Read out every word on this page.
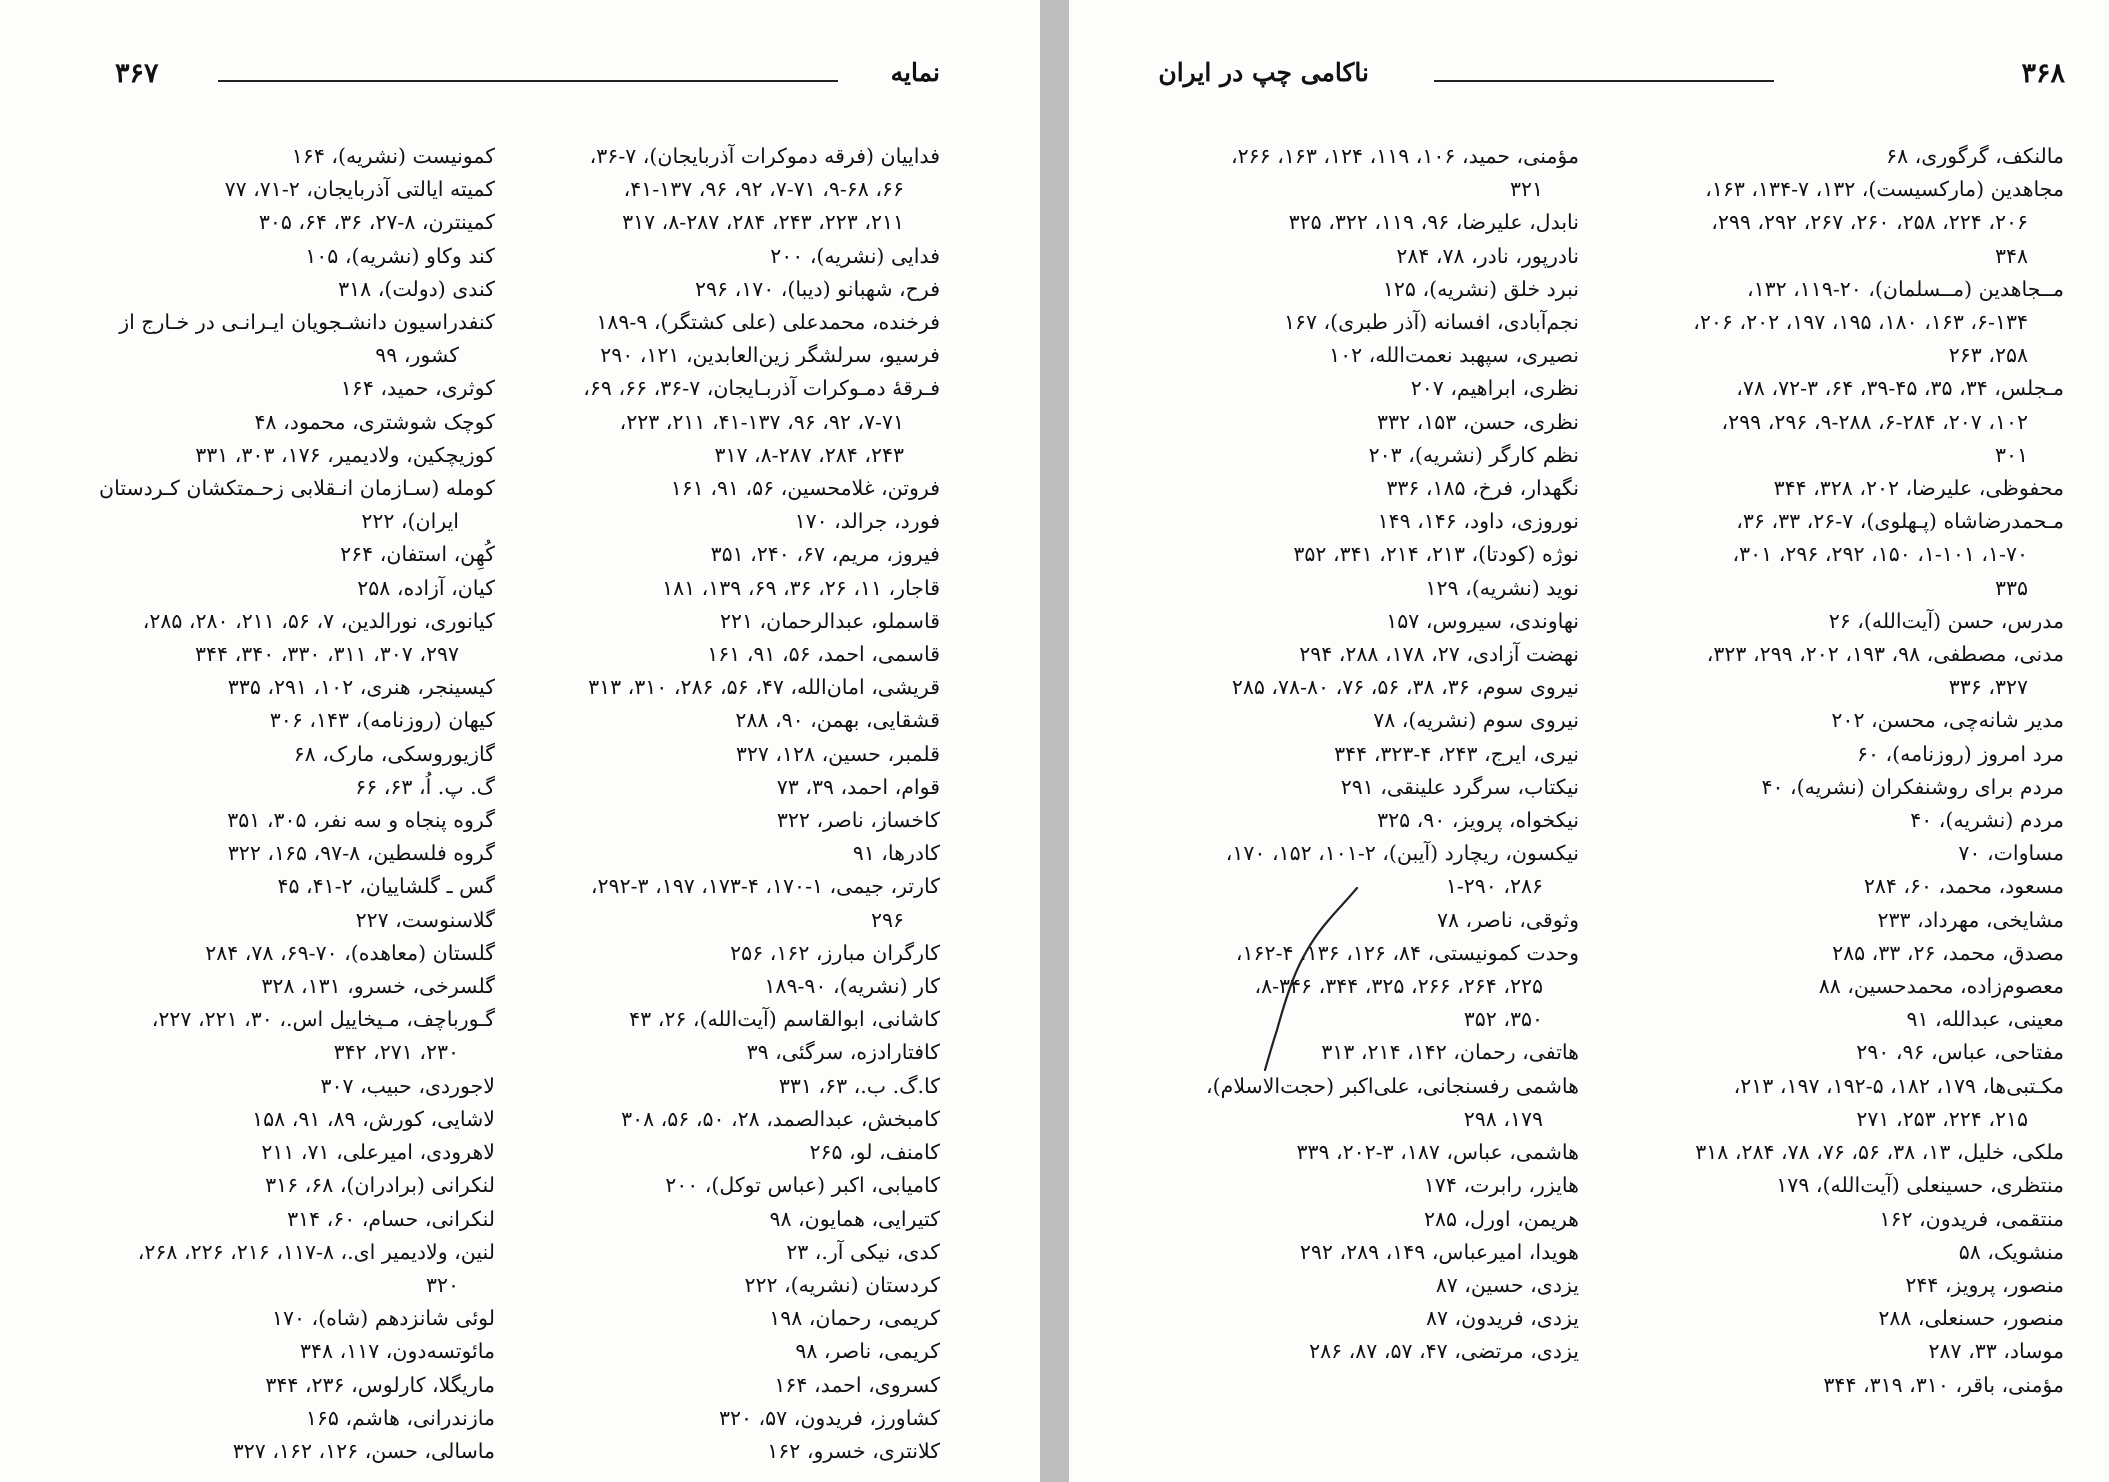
نمایه
۳۶۷
فداییان (فرقه دموکرات آذربایجان)، ۷-۳۶،
۶۶، ۹-۶۸، ۷-۷۱، ۹۲، ۹۶، ۴۱-۱۳۷،
۲۱۱، ۲۲۳، ۲۴۳، ۲۸۴، ۸-۲۸۷، ۳۱۷
فدایی (نشریه)، ۲۰۰
فرح، شهبانو (دیبا)، ۱۷۰، ۲۹۶
فرخنده، محمدعلی (علی کشتگر)، ۹-۱۸۹
فرسیو، سرلشگر زین‌العابدین، ۱۲۱، ۲۹۰
فـرقهٔ دمـوکرات آذربـایجان، ۷-۳۶، ۶۶، ۶۹،
۷-۷۱، ۹۲، ۹۶، ۴۱-۱۳۷، ۲۱۱، ۲۲۳،
۲۴۳، ۲۸۴، ۸-۲۸۷، ۳۱۷
فروتن، غلامحسین، ۵۶، ۹۱، ۱۶۱
فورد، جرالد، ۱۷۰
فیروز، مریم، ۶۷، ۲۴۰، ۳۵۱
قاجار، ۱۱، ۲۶، ۳۶، ۶۹، ۱۳۹، ۱۸۱
قاسملو، عبدالرحمان، ۲۲۱
قاسمی، احمد، ۵۶، ۹۱، ۱۶۱
قریشی، امان‌الله، ۴۷، ۵۶، ۲۸۶، ۳۱۰، ۳۱۳
قشقایی، بهمن، ۹۰، ۲۸۸
قلمبر، حسین، ۱۲۸، ۳۲۷
قوام، احمد، ۳۹، ۷۳
کاخساز، ناصر، ۳۲۲
کادرها، ۹۱
کارتر، جیمی، ۱-۱۷۰، ۴-۱۷۳، ۱۹۷، ۳-۲۹۲،
۲۹۶
کارگران مبارز، ۱۶۲، ۲۵۶
کار (نشریه)، ۹۰-۱۸۹
کاشانی، ابوالقاسم (آیت‌الله)، ۲۶، ۴۳
کافتارادزه، سرگئی، ۳۹
کا.گ. ب.، ۶۳، ۳۳۱
کامبخش، عبدالصمد، ۲۸، ۵۰، ۵۶، ۳۰۸
کامنف، لو، ۲۶۵
کامیابی، اکبر (عباس توکل)، ۲۰۰
کتیرایی، همایون، ۹۸
کدی، نیکی آر.، ۲۳
کردستان (نشریه)، ۲۲۲
کریمی، رحمان، ۱۹۸
کریمی، ناصر، ۹۸
کسروی، احمد، ۱۶۴
کشاورز، فریدون، ۵۷، ۳۲۰
کلانتری، خسرو، ۱۶۲
کمونیست (نشریه)، ۱۶۴
کمیته ایالتی آذربایجان، ۲-۷۱، ۷۷
کمینترن، ۸-۲۷، ۳۶، ۶۴، ۳۰۵
کند وکاو (نشریه)، ۱۰۵
کندی (دولت)، ۳۱۸
کنفدراسیون دانشـجویان ایـرانـی در خـارج از
کشور، ۹۹
کوثری، حمید، ۱۶۴
کوچک شوشتری، محمود، ۴۸
کوزیچکین، ولادیمیر، ۱۷۶، ۳۰۳، ۳۳۱
کومله (سـازمان انـقلابی زحـمتکشان کـردستان
ایران)، ۲۲۲
کُهِن، استفان، ۲۶۴
کیان، آزاده، ۲۵۸
کیانوری، نورالدین، ۷، ۵۶، ۲۱۱، ۲۸۰، ۲۸۵،
۲۹۷، ۳۰۷، ۳۱۱، ۳۳۰، ۳۴۰، ۳۴۴
کیسینجر، هنری، ۱۰۲، ۲۹۱، ۳۳۵
کیهان (روزنامه)، ۱۴۳، ۳۰۶
گازیوروسکی، مارک، ۶۸
گ. پ. اُ، ۶۳، ۶۶
گروه پنجاه و سه نفر، ۳۰۵، ۳۵۱
گروه فلسطین، ۸-۹۷، ۱۶۵، ۳۲۲
گس ـ گلشاییان، ۲-۴۱، ۴۵
گلاسنوست، ۲۲۷
گلستان (معاهده)، ۷۰-۶۹، ۷۸، ۲۸۴
گلسرخی، خسرو، ۱۳۱، ۳۲۸
گـورباچف، مـیخاییل اس.، ۳۰، ۲۲۱، ۲۲۷،
۲۳۰، ۲۷۱، ۳۴۲
لاجوردی، حبیب، ۳۰۷
لاشایی، کورش، ۸۹، ۹۱، ۱۵۸
لاهرودی، امیرعلی، ۷۱، ۲۱۱
لنکرانی (برادران)، ۶۸، ۳۱۶
لنکرانی، حسام، ۶۰، ۳۱۴
لنین، ولادیمیر ای.، ۸-۱۱۷، ۲۱۶، ۲۲۶، ۲۶۸،
۳۲۰
لوئی شانزدهم (شاه)، ۱۷۰
مائوتسه‌دون، ۱۱۷، ۳۴۸
ماریگلا، کارلوس، ۲۳۶، ۳۴۴
مازندرانی، هاشم، ۱۶۵
ماسالی، حسن، ۱۲۶، ۱۶۲، ۳۲۷
۳۶۸
ناکامی چپ در ایران
مالنکف، گرگوری، ۶۸
مجاهدین (مارکسیست)، ۱۳۲، ۷-۱۳۴، ۱۶۳،
۲۰۶، ۲۲۴، ۲۵۸، ۲۶۰، ۲۶۷، ۲۹۲، ۲۹۹،
۳۴۸
مــجاهدین (مــسلمان)، ۲۰-۱۱۹، ۱۳۲،
۶-۱۳۴، ۱۶۳، ۱۸۰، ۱۹۵، ۱۹۷، ۲۰۲، ۲۰۶،
۲۵۸، ۲۶۳
مـجلس، ۳۴، ۳۵، ۴۵-۳۹، ۶۴، ۳-۷۲، ۷۸،
۱۰۲، ۲۰۷، ۶-۲۸۴، ۹-۲۸۸، ۲۹۶، ۲۹۹،
۳۰۱
محفوظی، علیرضا، ۲۰۲، ۳۲۸، ۳۴۴
مـحمدرضاشاه (پـهلوی)، ۷-۲۶، ۳۳، ۳۶،
۱-۷۰، ۱-۱۰۱، ۱۵۰، ۲۹۲، ۲۹۶، ۳۰۱،
۳۳۵
مدرس، حسن (آیت‌الله)، ۲۶
مدنی، مصطفی، ۹۸، ۱۹۳، ۲۰۲، ۲۹۹، ۳۲۳،
۳۲۷، ۳۳۶
مدیر شانه‌چی، محسن، ۲۰۲
مرد امروز (روزنامه)، ۶۰
مردم برای روشنفکران (نشریه)، ۴۰
مردم (نشریه)، ۴۰
مساوات، ۷۰
مسعود، محمد، ۶۰، ۲۸۴
مشایخی، مهرداد، ۲۳۳
مصدق، محمد، ۲۶، ۳۳، ۲۸۵
معصوم‌زاده، محمدحسین، ۸۸
معینی، عبدالله، ۹۱
مفتاحی، عباس، ۹۶، ۲۹۰
مکـتبی‌ها، ۱۷۹، ۱۸۲، ۵-۱۹۲، ۱۹۷، ۲۱۳،
۲۱۵، ۲۲۴، ۲۵۳، ۲۷۱
ملکی، خلیل، ۱۳، ۳۸، ۵۶، ۷۶، ۷۸، ۲۸۴، ۳۱۸
منتظری، حسینعلی (آیت‌الله)، ۱۷۹
منتقمی، فریدون، ۱۶۲
منشویک، ۵۸
منصور، پرویز، ۲۴۴
منصور، حسنعلی، ۲۸۸
موساد، ۳۳، ۲۸۷
مؤمنی، باقر، ۳۱۰، ۳۱۹، ۳۴۴
مؤمنی، حمید، ۱۰۶، ۱۱۹، ۱۲۴، ۱۶۳، ۲۶۶،
۳۲۱
نابدل، علیرضا، ۹۶، ۱۱۹، ۳۲۲، ۳۲۵
نادرپور، نادر، ۷۸، ۲۸۴
نبرد خلق (نشریه)، ۱۲۵
نجم‌آبادی، افسانه (آذر طبری)، ۱۶۷
نصیری، سپهبد نعمت‌الله، ۱۰۲
نظری، ابراهیم، ۲۰۷
نظری، حسن، ۱۵۳، ۳۳۲
نظم کارگر (نشریه)، ۲۰۳
نگهدار، فرخ، ۱۸۵، ۳۳۶
نوروزی، داود، ۱۴۶، ۱۴۹
نوژه (کودتا)، ۲۱۳، ۲۱۴، ۳۴۱، ۳۵۲
نوید (نشریه)، ۱۲۹
نهاوندی، سیروس، ۱۵۷
نهضت آزادی، ۲۷، ۱۷۸، ۲۸۸، ۲۹۴
نیروی سوم، ۳۶، ۳۸، ۵۶، ۷۶، ۸۰-۷۸، ۲۸۵
نیروی سوم (نشریه)، ۷۸
نیری، ایرج، ۲۴۳، ۴-۳۲۳، ۳۴۴
نیکتاب، سرگرد علینقی، ۲۹۱
نیکخواه، پرویز، ۹۰، ۳۲۵
نیکسون، ریچارد (آیبن)، ۲-۱۰۱، ۱۵۲، ۱۷۰،
۲۸۶، ۱-۲۹۰
وثوقی، ناصر، ۷۸
وحدت کمونیستی، ۸۴، ۱۲۶، ۱۳۶، ۴-۱۶۲،
۲۲۵، ۲۶۴، ۲۶۶، ۳۲۵، ۳۴۴، ۸-۳۴۶،
۳۵۰، ۳۵۲
هاتفی، رحمان، ۱۴۲، ۲۱۴، ۳۱۳
هاشمی رفسنجانی، علی‌اکبر (حجت‌الاسلام)،
۱۷۹، ۲۹۸
هاشمی، عباس، ۱۸۷، ۳-۲۰۲، ۳۳۹
هایزر، رابرت، ۱۷۴
هریمن، اورل، ۲۸۵
هویدا، امیرعباس، ۱۴۹، ۲۸۹، ۲۹۲
یزدی، حسین، ۸۷
یزدی، فریدون، ۸۷
یزدی، مرتضی، ۴۷، ۵۷، ۸۷، ۲۸۶
